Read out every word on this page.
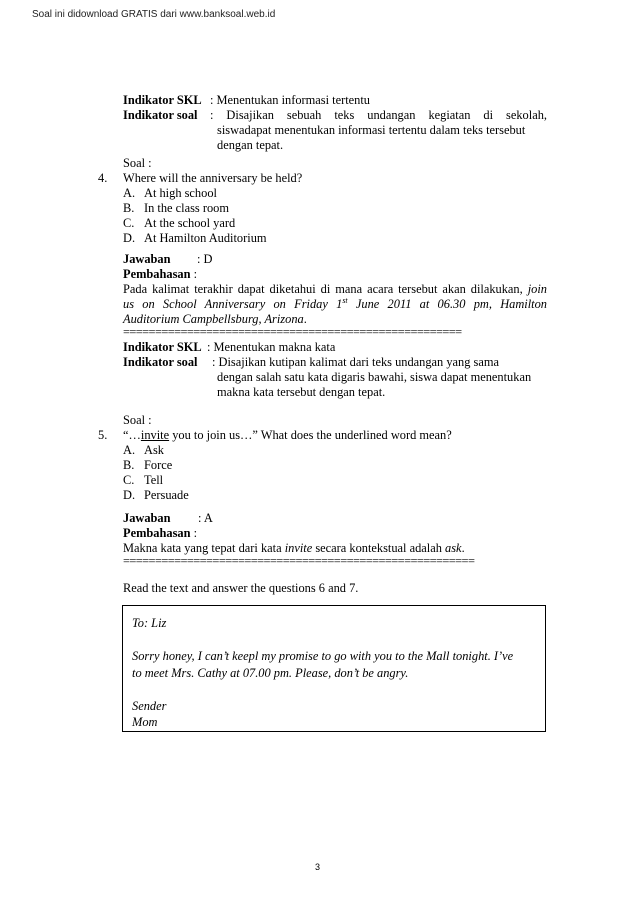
Soal ini didownload GRATIS dari www.banksoal.web.id
Indikator SKL : Menentukan informasi tertentu
Indikator soal : Disajikan sebuah teks undangan kegiatan di sekolah,
siswadapat menentukan informasi tertentu dalam teks tersebut
dengan tepat.
Soal :
4. Where will the anniversary be held?
A. At high school
B. In the class room
C. At the school yard
D. At Hamilton Auditorium
Jawaban : D
Pembahasan :
Pada kalimat terakhir dapat diketahui di mana acara tersebut akan dilakukan, join
us on School Anniversary on Friday 1st June 2011 at 06.30 pm, Hamilton
Auditorium Campbellsburg, Arizona.
=====================================================
Indikator SKL : Menentukan makna kata
Indikator soal : Disajikan kutipan kalimat dari teks undangan yang sama
dengan salah satu kata digaris bawahi, siswa dapat menentukan
makna kata tersebut dengan tepat.
Soal :
5. “…invite you to join us…” What does the underlined word mean?
A. Ask
B. Force
C. Tell
D. Persuade
Jawaban : A
Pembahasan :
Makna kata yang tepat dari kata invite secara kontekstual adalah ask.
=======================================================
Read the text and answer the questions 6 and 7.
To: Liz
Sorry honey, I can’t keepl my promise to go with you to the Mall tonight. I’ve
to meet Mrs. Cathy at 07.00 pm. Please, don’t be angry.
Sender
Mom
3
